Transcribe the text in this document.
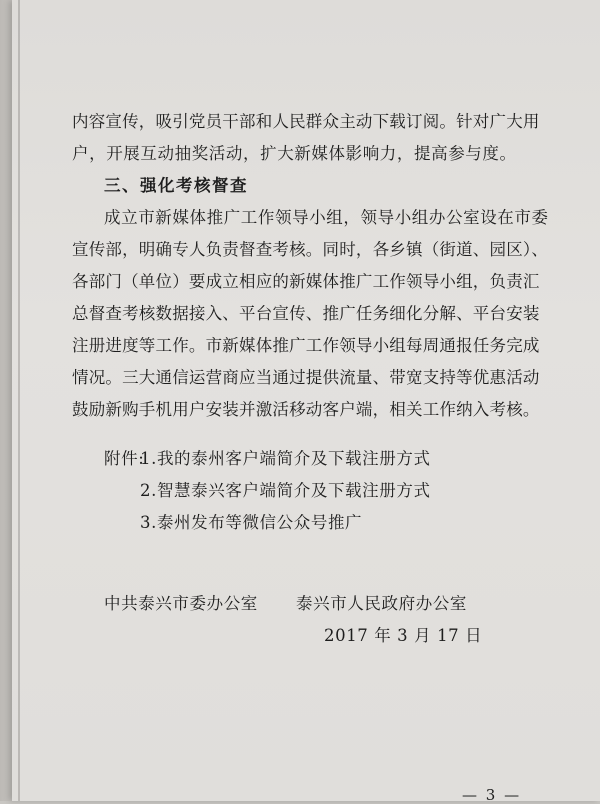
内容宣传，吸引党员干部和人民群众主动下载订阅。针对广大用
户，开展互动抽奖活动，扩大新媒体影响力，提高参与度。
三、强化考核督查
成立市新媒体推广工作领导小组，领导小组办公室设在市委
宣传部，明确专人负责督查考核。同时，各乡镇（街道、园区）、
各部门（单位）要成立相应的新媒体推广工作领导小组，负责汇
总督查考核数据接入、平台宣传、推广任务细化分解、平台安装
注册进度等工作。市新媒体推广工作领导小组每周通报任务完成
情况。三大通信运营商应当通过提供流量、带宽支持等优惠活动
鼓励新购手机用户安装并激活移动客户端，相关工作纳入考核。
附件:
1.我的泰州客户端简介及下载注册方式
2.智慧泰兴客户端简介及下载注册方式
3.泰州发布等微信公众号推广
中共泰兴市委办公室 泰兴市人民政府办公室
2017 年 3 月 17 日
— 3 —
